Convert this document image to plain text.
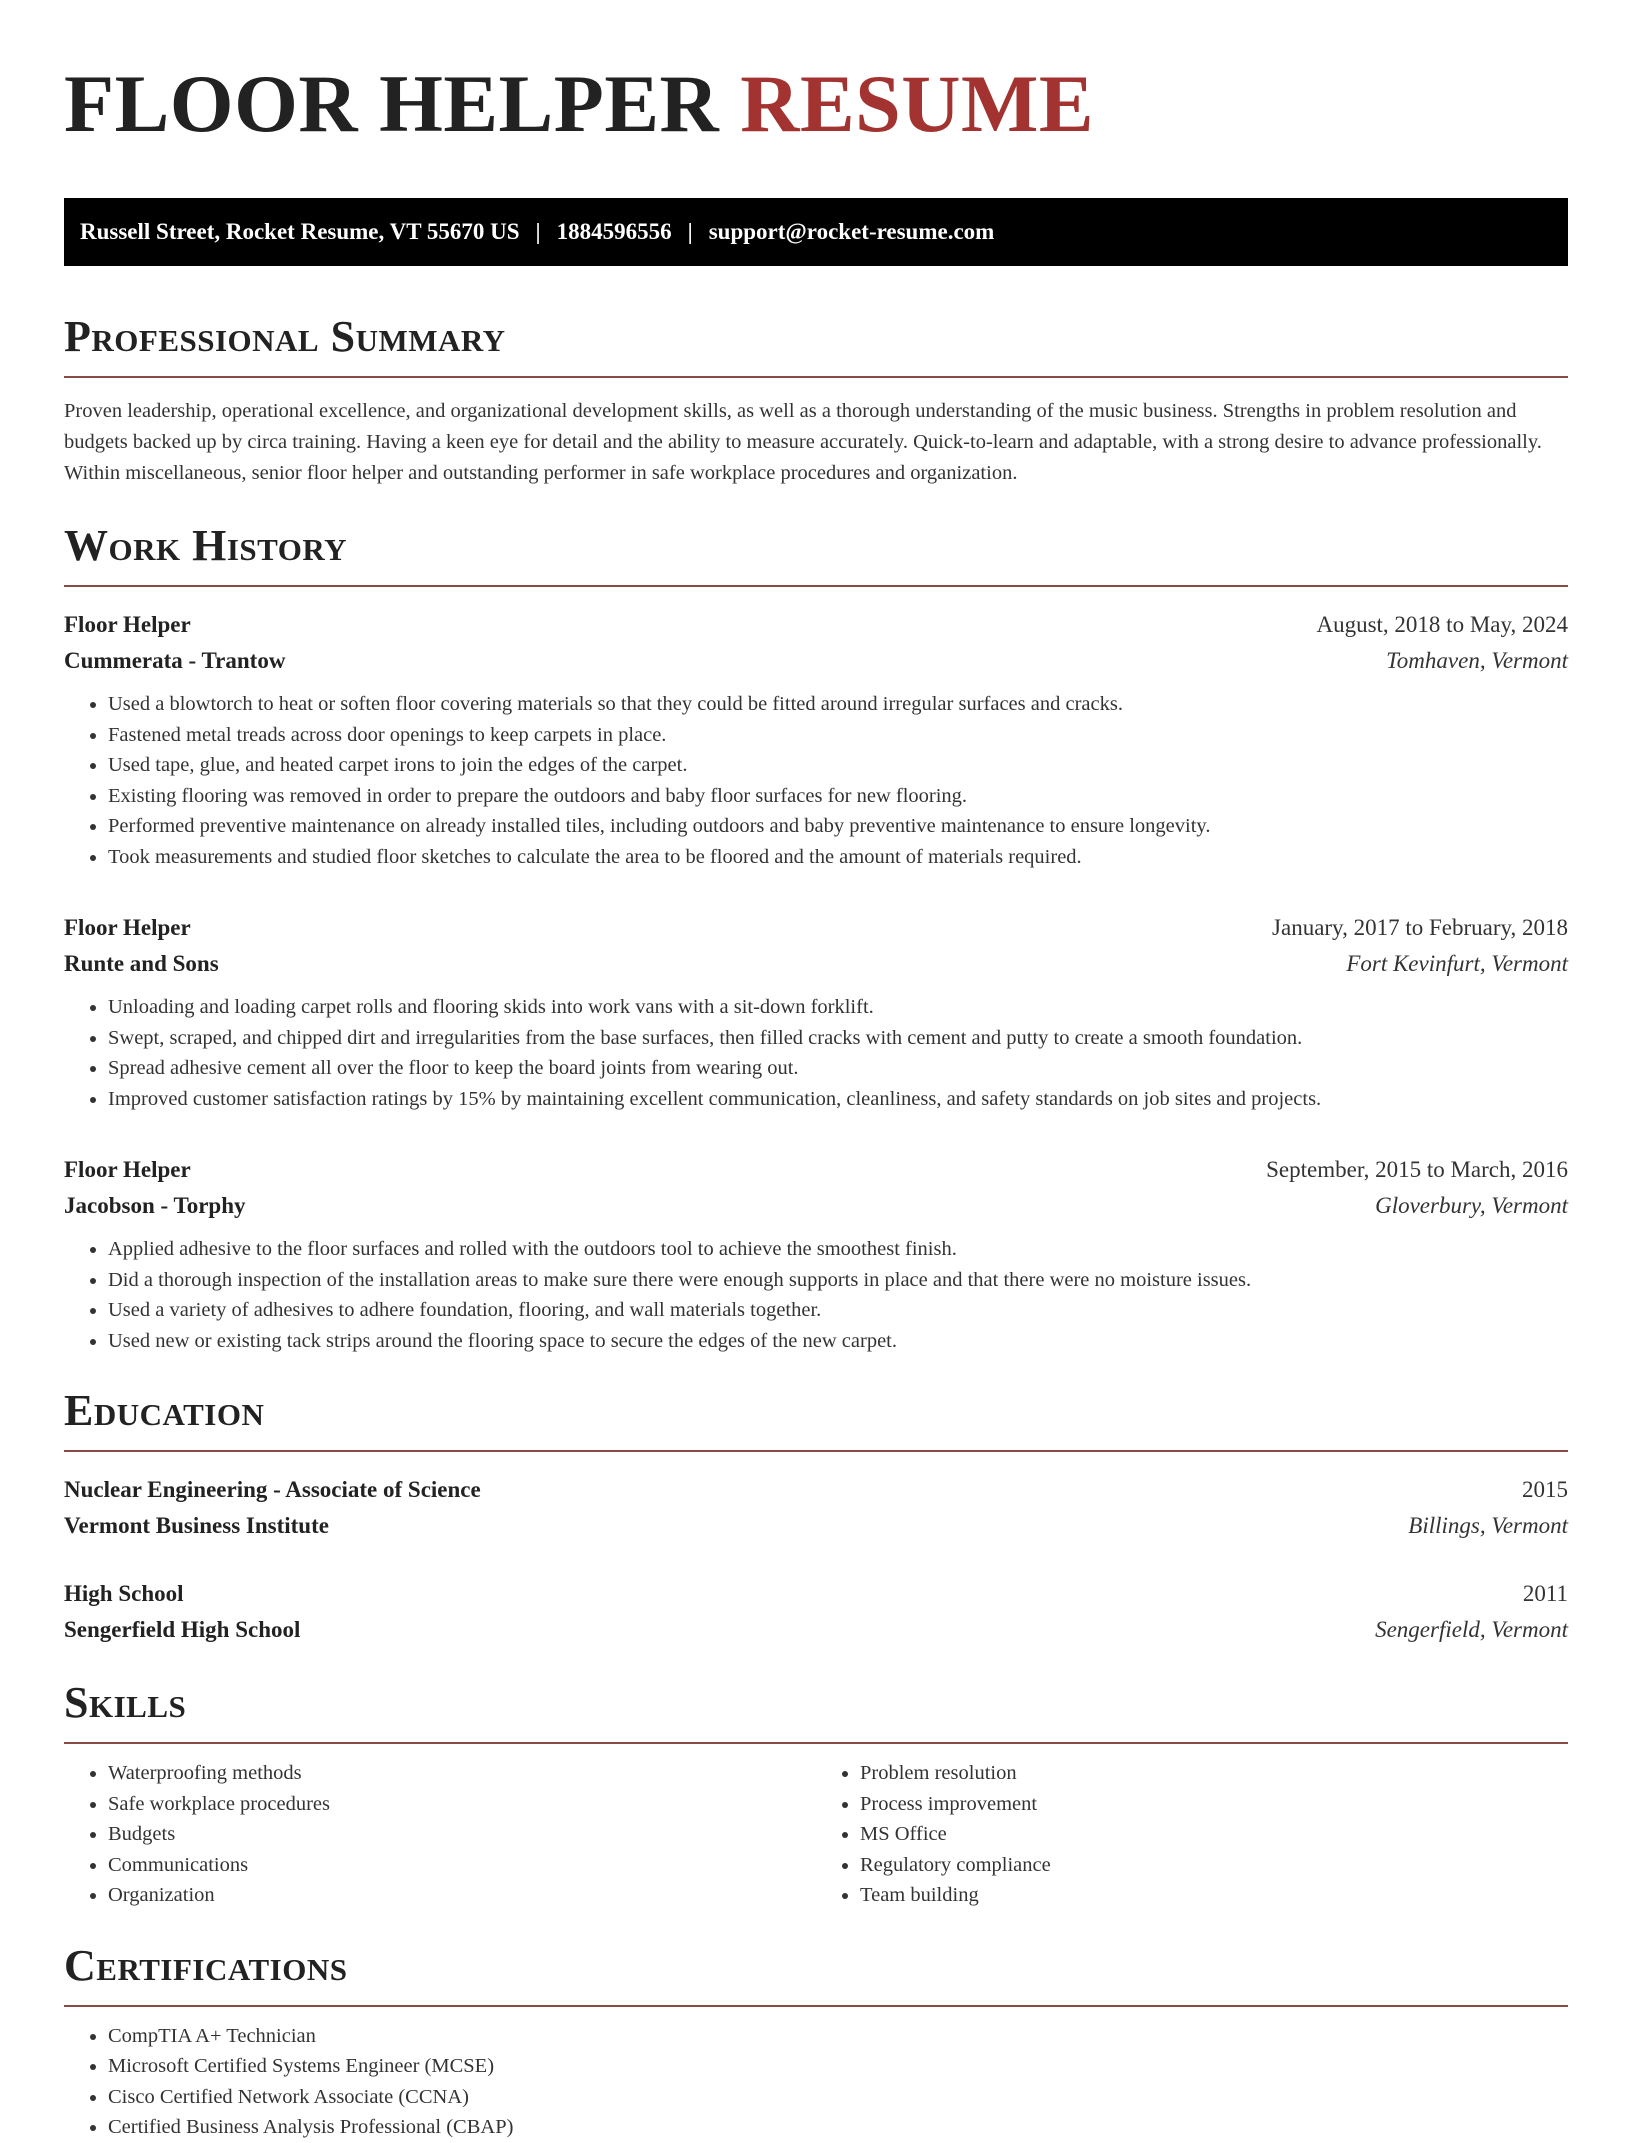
FLOOR HELPER RESUME
Russell Street, Rocket Resume, VT 55670 US | 1884596556 | support@rocket-resume.com
Professional Summary

Proven leadership, operational excellence, and organizational development skills, as well as a thorough understanding of the music business. Strengths in problem resolution and budgets backed up by circa training. Having a keen eye for detail and the ability to measure accurately. Quick-to-learn and adaptable, with a strong desire to advance professionally. Within miscellaneous, senior floor helper and outstanding performer in safe workplace procedures and organization.

Work History
Floor Helper	August, 2018 to May, 2024
Cummerata - Trantow	Tomhaven, Vermont
• Used a blowtorch to heat or soften floor covering materials so that they could be fitted around irregular surfaces and cracks.
• Fastened metal treads across door openings to keep carpets in place.
• Used tape, glue, and heated carpet irons to join the edges of the carpet.
• Existing flooring was removed in order to prepare the outdoors and baby floor surfaces for new flooring.
• Performed preventive maintenance on already installed tiles, including outdoors and baby preventive maintenance to ensure longevity.
• Took measurements and studied floor sketches to calculate the area to be floored and the amount of materials required.
Floor Helper	January, 2017 to February, 2018
Runte and Sons	Fort Kevinfurt, Vermont
• Unloading and loading carpet rolls and flooring skids into work vans with a sit-down forklift.
• Swept, scraped, and chipped dirt and irregularities from the base surfaces, then filled cracks with cement and putty to create a smooth foundation.
• Spread adhesive cement all over the floor to keep the board joints from wearing out.
• Improved customer satisfaction ratings by 15% by maintaining excellent communication, cleanliness, and safety standards on job sites and projects.
Floor Helper	September, 2015 to March, 2016
Jacobson - Torphy	Gloverbury, Vermont
• Applied adhesive to the floor surfaces and rolled with the outdoors tool to achieve the smoothest finish.
• Did a thorough inspection of the installation areas to make sure there were enough supports in place and that there were no moisture issues.
• Used a variety of adhesives to adhere foundation, flooring, and wall materials together.
• Used new or existing tack strips around the flooring space to secure the edges of the new carpet.
Education
Nuclear Engineering - Associate of Science	2015
Vermont Business Institute	Billings, Vermont
High School	2011
Sengerfield High School	Sengerfield, Vermont
Skills
• Waterproofing methods
• Safe workplace procedures
• Budgets
• Communications
• Organization
• Problem resolution
• Process improvement
• MS Office
• Regulatory compliance
• Team building
Certifications
• CompTIA A+ Technician
• Microsoft Certified Systems Engineer (MCSE)
• Cisco Certified Network Associate (CCNA)
• Certified Business Analysis Professional (CBAP)
